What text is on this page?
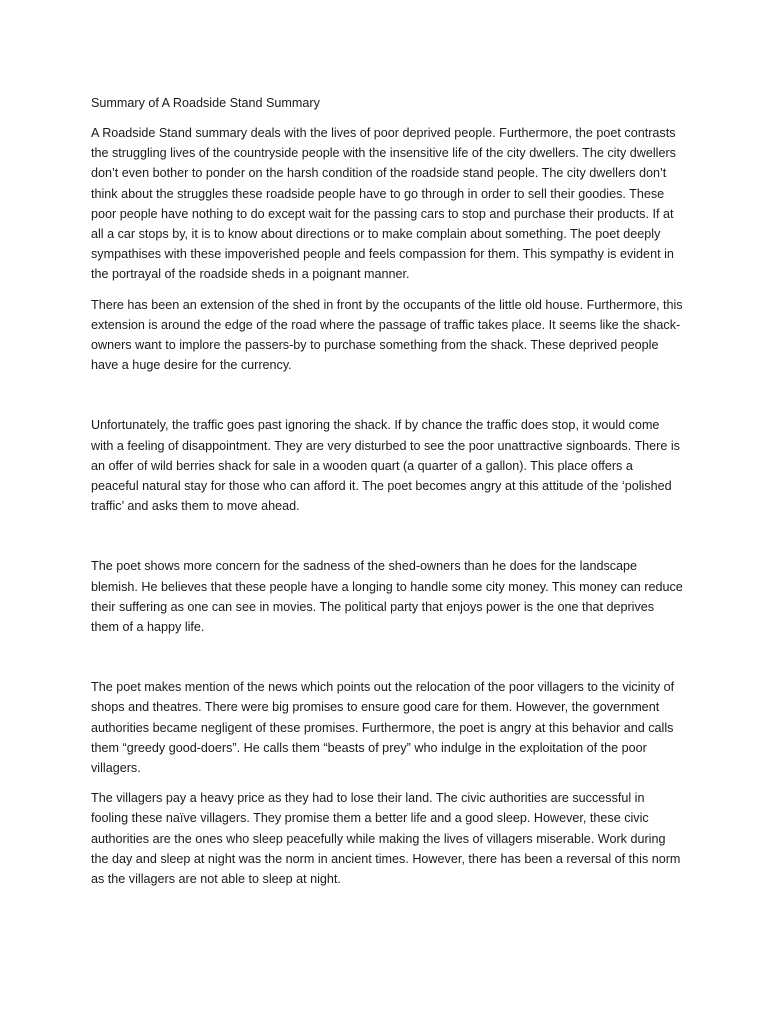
Summary of A Roadside Stand Summary

A Roadside Stand summary deals with the lives of poor deprived people. Furthermore, the poet contrasts the struggling lives of the countryside people with the insensitive life of the city dwellers. The city dwellers don’t even bother to ponder on the harsh condition of the roadside stand people. The city dwellers don’t think about the struggles these roadside people have to go through in order to sell their goodies. These poor people have nothing to do except wait for the passing cars to stop and purchase their products. If at all a car stops by, it is to know about directions or to make complain about something. The poet deeply sympathises with these impoverished people and feels compassion for them. This sympathy is evident in the portrayal of the roadside sheds in a poignant manner.

There has been an extension of the shed in front by the occupants of the little old house. Furthermore, this extension is around the edge of the road where the passage of traffic takes place. It seems like the shack-owners want to implore the passers-by to purchase something from the shack. These deprived people have a huge desire for the currency.

Unfortunately, the traffic goes past ignoring the shack. If by chance the traffic does stop, it would come with a feeling of disappointment. They are very disturbed to see the poor unattractive signboards. There is an offer of wild berries shack for sale in a wooden quart (a quarter of a gallon). This place offers a peaceful natural stay for those who can afford it. The poet becomes angry at this attitude of the ‘polished traffic’ and asks them to move ahead.

The poet shows more concern for the sadness of the shed-owners than he does for the landscape blemish. He believes that these people have a longing to handle some city money. This money can reduce their suffering as one can see in movies. The political party that enjoys power is the one that deprives them of a happy life.

The poet makes mention of the news which points out the relocation of the poor villagers to the vicinity of shops and theatres. There were big promises to ensure good care for them. However, the government authorities became negligent of these promises. Furthermore, the poet is angry at this behavior and calls them “greedy good-doers”. He calls them “beasts of prey” who indulge in the exploitation of the poor villagers.

The villagers pay a heavy price as they had to lose their land. The civic authorities are successful in fooling these naïve villagers. They promise them a better life and a good sleep. However, these civic authorities are the ones who sleep peacefully while making the lives of villagers miserable. Work during the day and sleep at night was the norm in ancient times. However, there has been a reversal of this norm as the villagers are not able to sleep at night.
